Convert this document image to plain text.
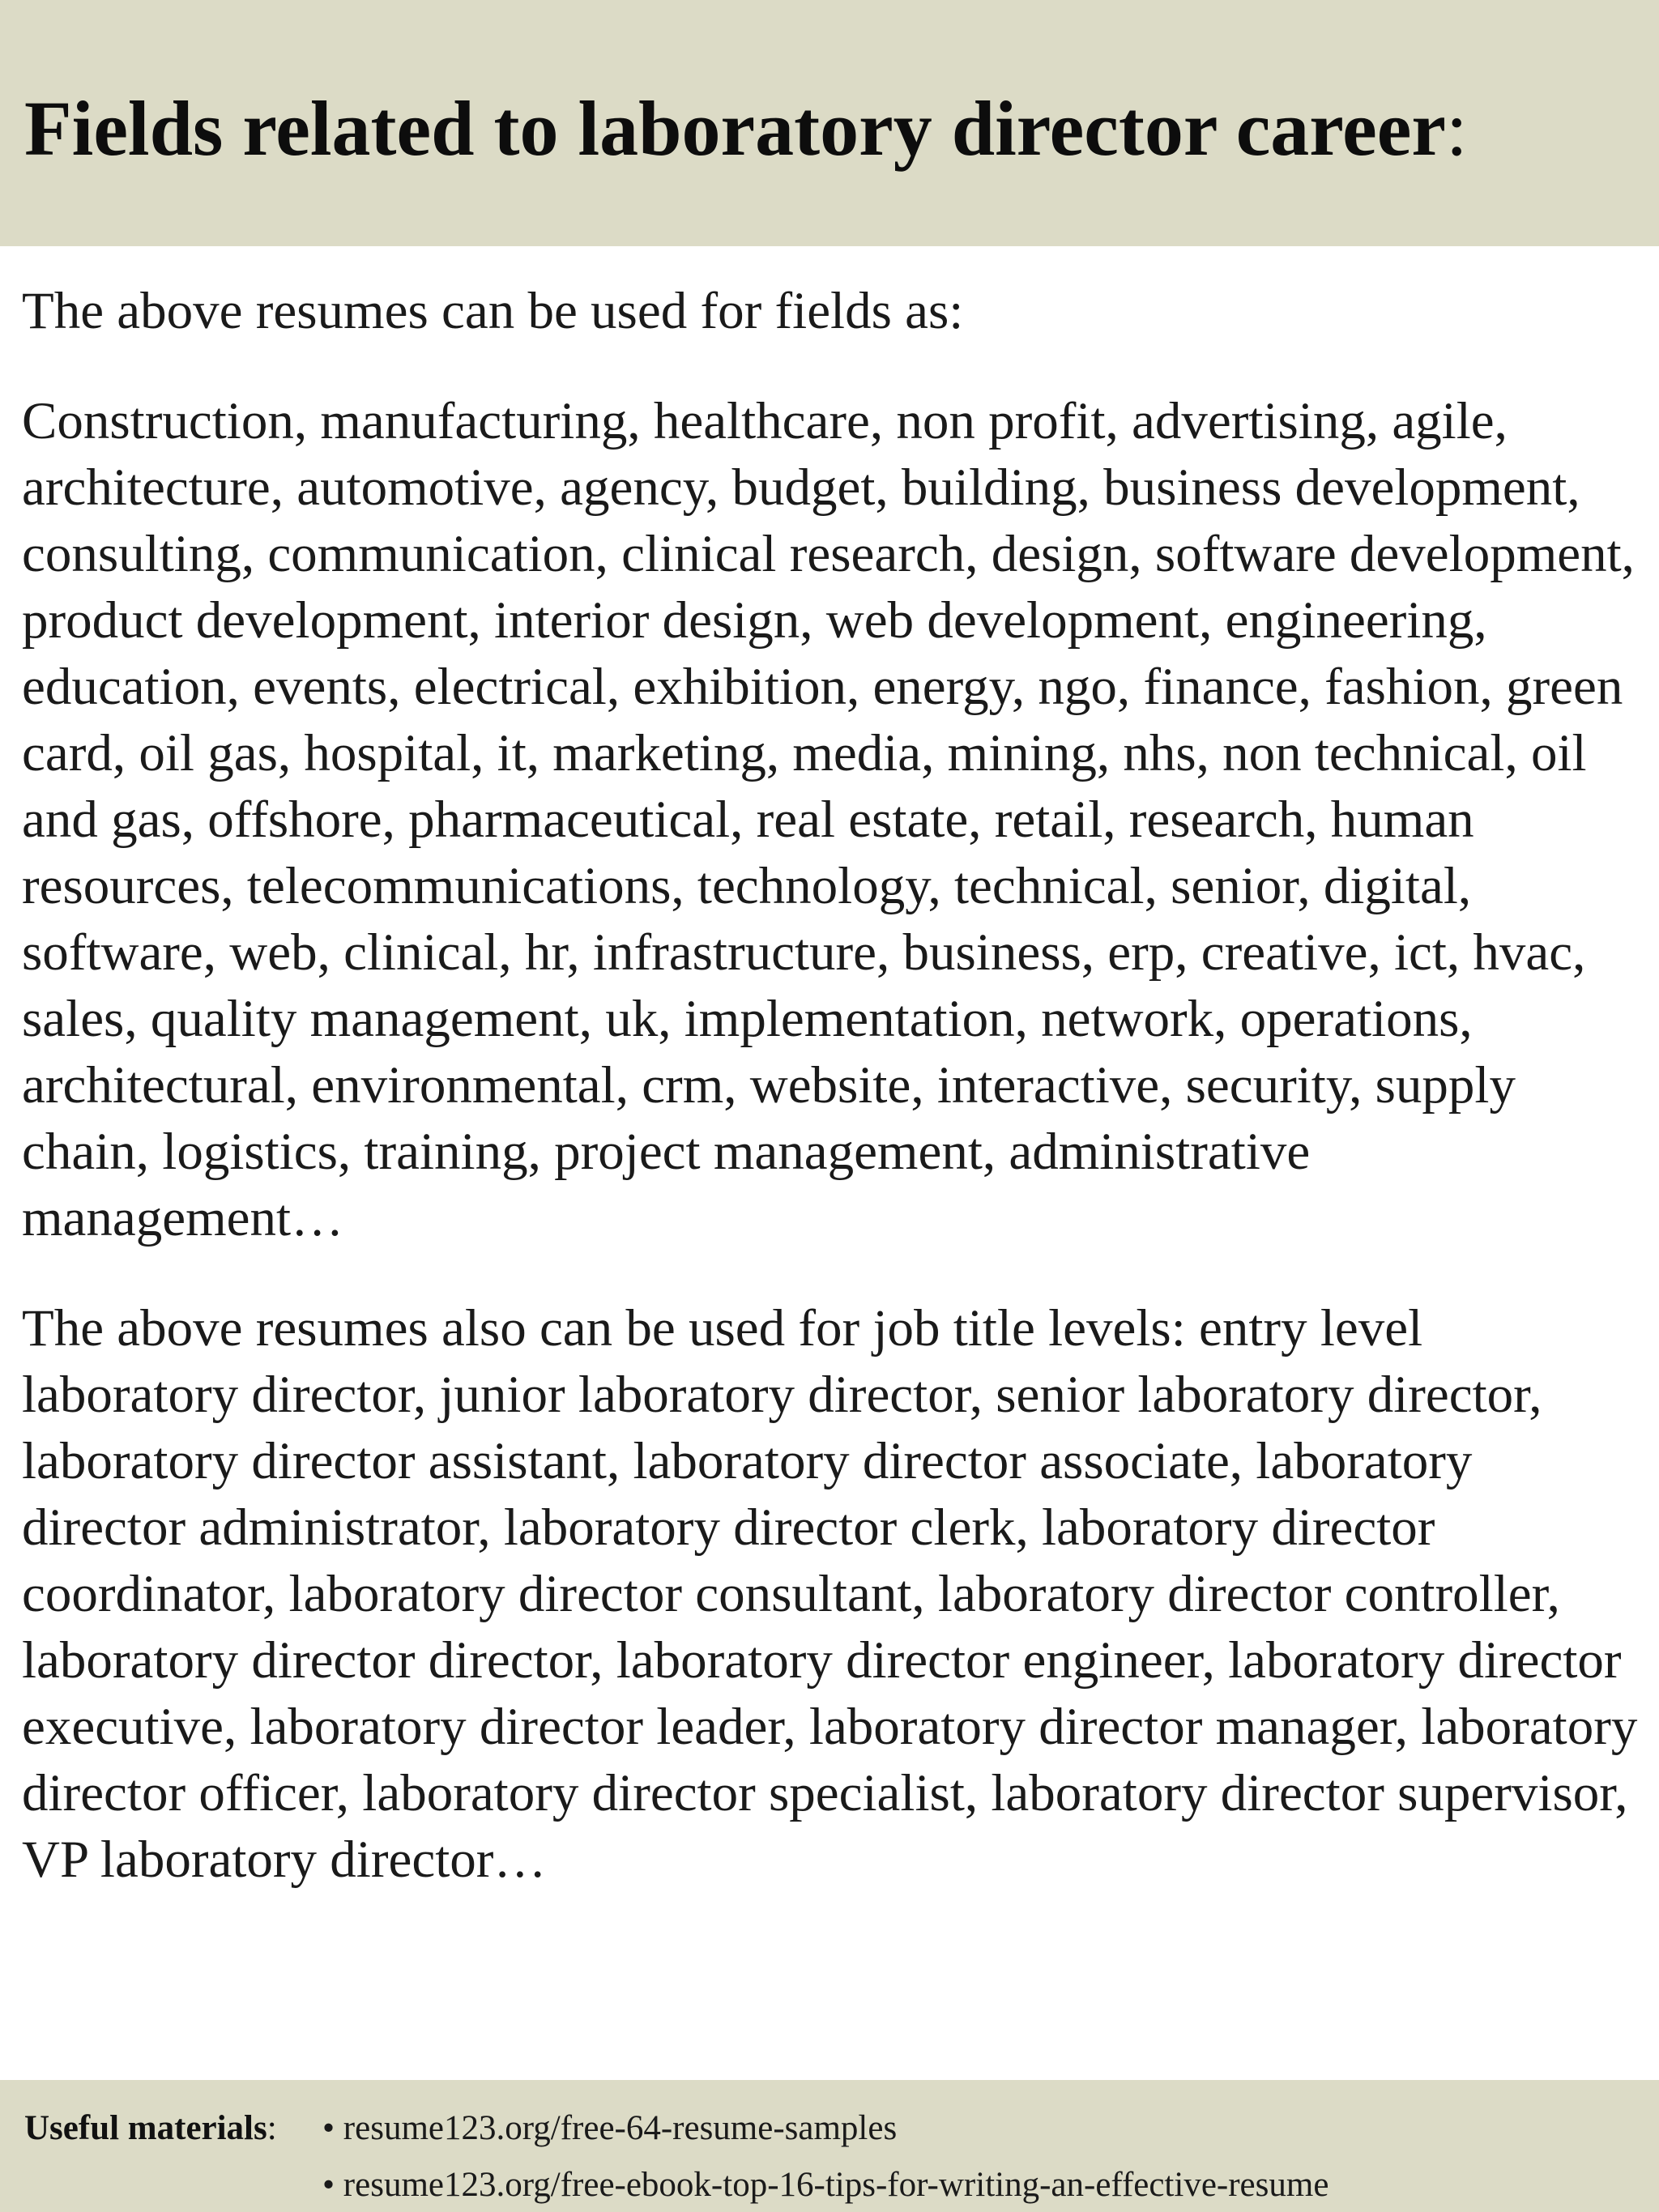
Fields related to laboratory director career:

The above resumes can be used for fields as:

Construction, manufacturing, healthcare, non profit, advertising, agile, architecture, automotive, agency, budget, building, business development, consulting, communication, clinical research, design, software development, product development, interior design, web development, engineering, education, events, electrical, exhibition, energy, ngo, finance, fashion, green card, oil gas, hospital, it, marketing, media, mining, nhs, non technical, oil and gas, offshore, pharmaceutical, real estate, retail, research, human resources, telecommunications, technology, technical, senior, digital, software, web, clinical, hr, infrastructure, business, erp, creative, ict, hvac, sales, quality management, uk, implementation, network, operations, architectural, environmental, crm, website, interactive, security, supply chain, logistics, training, project management, administrative management…

The above resumes also can be used for job title levels: entry level laboratory director, junior laboratory director, senior laboratory director, laboratory director assistant, laboratory director associate, laboratory director administrator, laboratory director clerk, laboratory director coordinator, laboratory director consultant, laboratory director controller, laboratory director director, laboratory director engineer, laboratory director executive, laboratory director leader, laboratory director manager, laboratory director officer, laboratory director specialist, laboratory director supervisor, VP laboratory director…

Useful materials: • resume123.org/free-64-resume-samples
• resume123.org/free-ebook-top-16-tips-for-writing-an-effective-resume
